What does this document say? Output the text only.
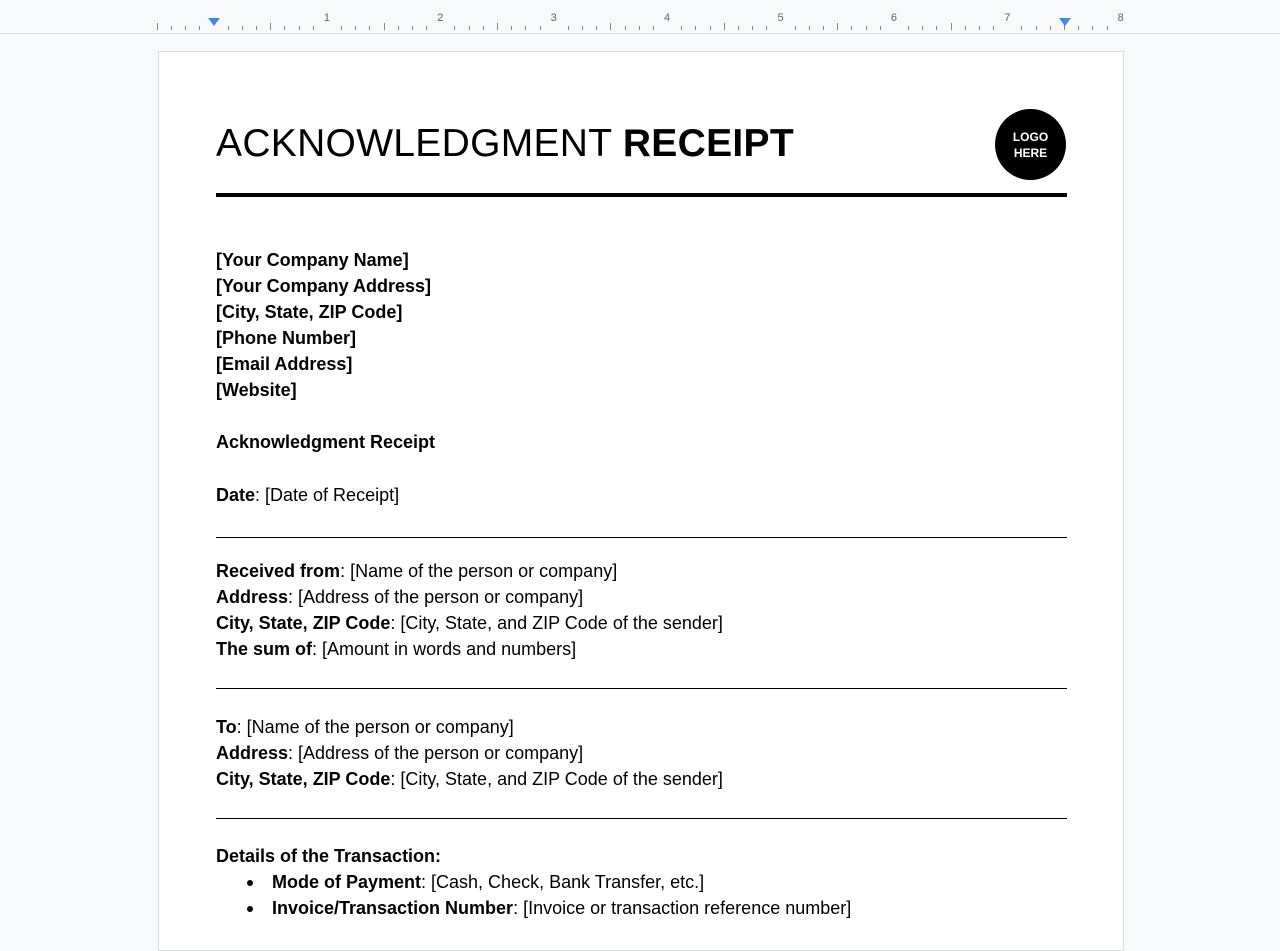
1	2	3	4	5	6	7	8
ACKNOWLEDGMENT RECEIPT	LOGO
HERE
[Your Company Name]
[Your Company Address]
[City, State, ZIP Code]
[Phone Number]
[Email Address]
[Website]
Acknowledgment Receipt
Date: [Date of Receipt]
Received from: [Name of the person or company]
Address: [Address of the person or company]
City, State, ZIP Code: [City, State, and ZIP Code of the sender]
The sum of: [Amount in words and numbers]
To: [Name of the person or company]
Address: [Address of the person or company]
City, State, ZIP Code: [City, State, and ZIP Code of the sender]
Details of the Transaction:
Mode of Payment: [Cash, Check, Bank Transfer, etc.]
Invoice/Transaction Number: [Invoice or transaction reference number]
